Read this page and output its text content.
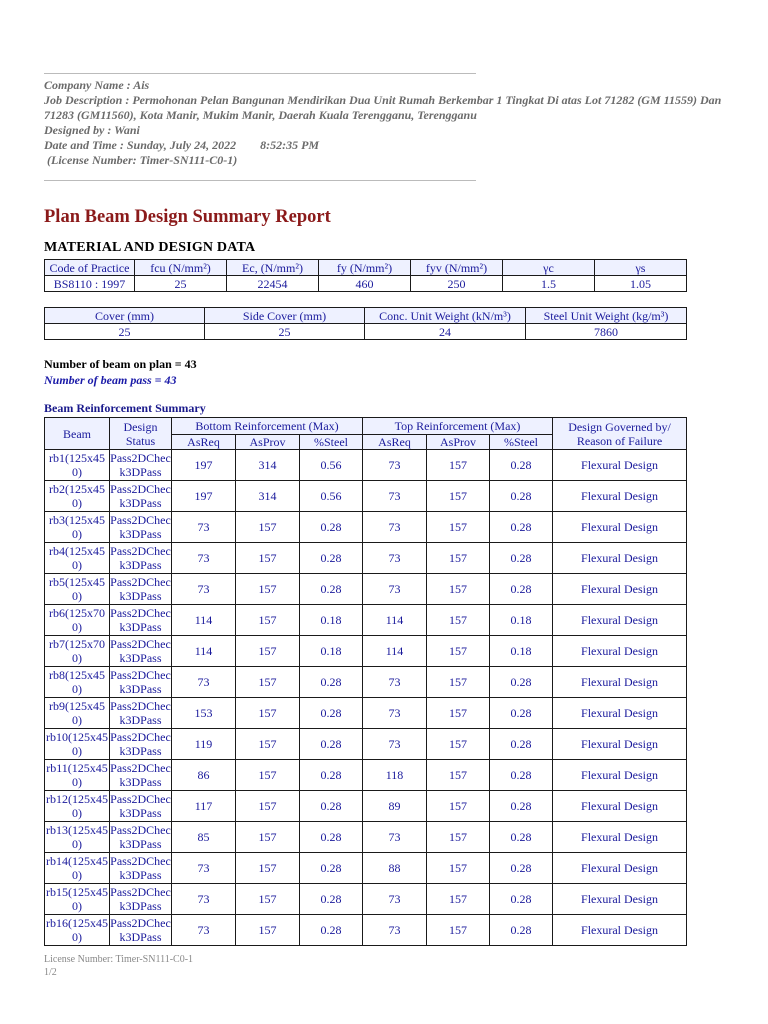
Company Name : Ais
Job Description : Permohonan Pelan Bangunan Mendirikan Dua Unit Rumah Berkembar 1 Tingkat Di atas Lot 71282 (GM 11559) Dan 71283 (GM11560), Kota Manir, Mukim Manir, Daerah Kuala Terengganu, Terengganu
Designed by : Wani
Date and Time : Sunday, July 24, 2022        8:52:35 PM
(License Number: Timer-SN111-C0-1)
Plan Beam Design Summary Report
MATERIAL AND DESIGN DATA
Code of Practice	fcu (N/mm²)	Ec, (N/mm²)	fy (N/mm²)	fyv (N/mm²)	γc	γs
BS8110 : 1997	25	22454	460	250	1.5	1.05
Cover (mm)	Side Cover (mm)	Conc. Unit Weight (kN/m³)	Steel Unit Weight (kg/m³)
25	25	24	7860
Number of beam on plan = 43
Number of beam pass = 43
Beam Reinforcement Summary
Beam	Design Status	Bottom Reinforcement (Max)			Top Reinforcement (Max)			Design Governed by/ Reason of Failure
		AsReq	AsProv	%Steel	AsReq	AsProv	%Steel	
rb1(125x450)	Pass2DCheck3DPass	197	314	0.56	73	157	0.28	Flexural Design
rb2(125x450)	Pass2DCheck3DPass	197	314	0.56	73	157	0.28	Flexural Design
rb3(125x450)	Pass2DCheck3DPass	73	157	0.28	73	157	0.28	Flexural Design
rb4(125x450)	Pass2DCheck3DPass	73	157	0.28	73	157	0.28	Flexural Design
rb5(125x450)	Pass2DCheck3DPass	73	157	0.28	73	157	0.28	Flexural Design
rb6(125x700)	Pass2DCheck3DPass	114	157	0.18	114	157	0.18	Flexural Design
rb7(125x700)	Pass2DCheck3DPass	114	157	0.18	114	157	0.18	Flexural Design
rb8(125x450)	Pass2DCheck3DPass	73	157	0.28	73	157	0.28	Flexural Design
rb9(125x450)	Pass2DCheck3DPass	153	157	0.28	73	157	0.28	Flexural Design
rb10(125x450)	Pass2DCheck3DPass	119	157	0.28	73	157	0.28	Flexural Design
rb11(125x450)	Pass2DCheck3DPass	86	157	0.28	118	157	0.28	Flexural Design
rb12(125x450)	Pass2DCheck3DPass	117	157	0.28	89	157	0.28	Flexural Design
rb13(125x450)	Pass2DCheck3DPass	85	157	0.28	73	157	0.28	Flexural Design
rb14(125x450)	Pass2DCheck3DPass	73	157	0.28	88	157	0.28	Flexural Design
rb15(125x450)	Pass2DCheck3DPass	73	157	0.28	73	157	0.28	Flexural Design
rb16(125x450)	Pass2DCheck3DPass	73	157	0.28	73	157	0.28	Flexural Design
License Number: Timer-SN111-C0-1
1/2
